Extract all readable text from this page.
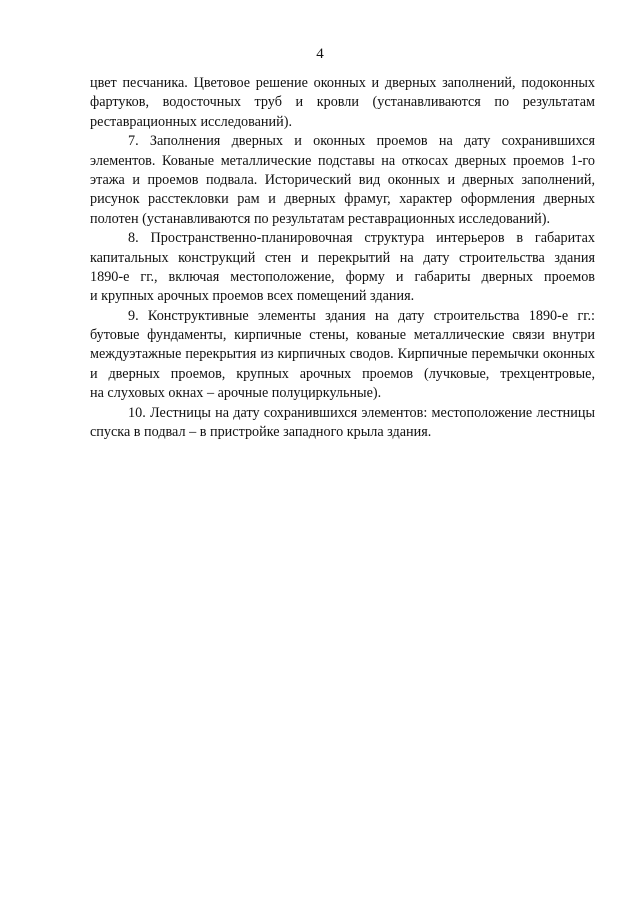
4
цвет песчаника. Цветовое решение оконных и дверных заполнений, подоконных
фартуков, водосточных труб и кровли (устанавливаются по результатам
реставрационных исследований).
7. Заполнения дверных и оконных проемов на дату сохранившихся
элементов. Кованые металлические подставы на откосах дверных проемов 1-го
этажа и проемов подвала. Исторический вид оконных и дверных заполнений,
рисунок расстекловки рам и дверных фрамуг, характер оформления дверных
полотен (устанавливаются по результатам реставрационных исследований).
8. Пространственно-планировочная структура интерьеров в габаритах
капитальных конструкций стен и перекрытий на дату строительства здания
1890-е гг., включая местоположение, форму и габариты дверных проемов
и крупных арочных проемов всех помещений здания.
9. Конструктивные элементы здания на дату строительства 1890-е гг.:
бутовые фундаменты, кирпичные стены, кованые металлические связи внутри
междуэтажные перекрытия из кирпичных сводов. Кирпичные перемычки оконных
и дверных проемов, крупных арочных проемов (лучковые, трехцентровые,
на слуховых окнах – арочные полуциркульные).
10. Лестницы на дату сохранившихся элементов: местоположение лестницы
спуска в подвал – в пристройке западного крыла здания.
